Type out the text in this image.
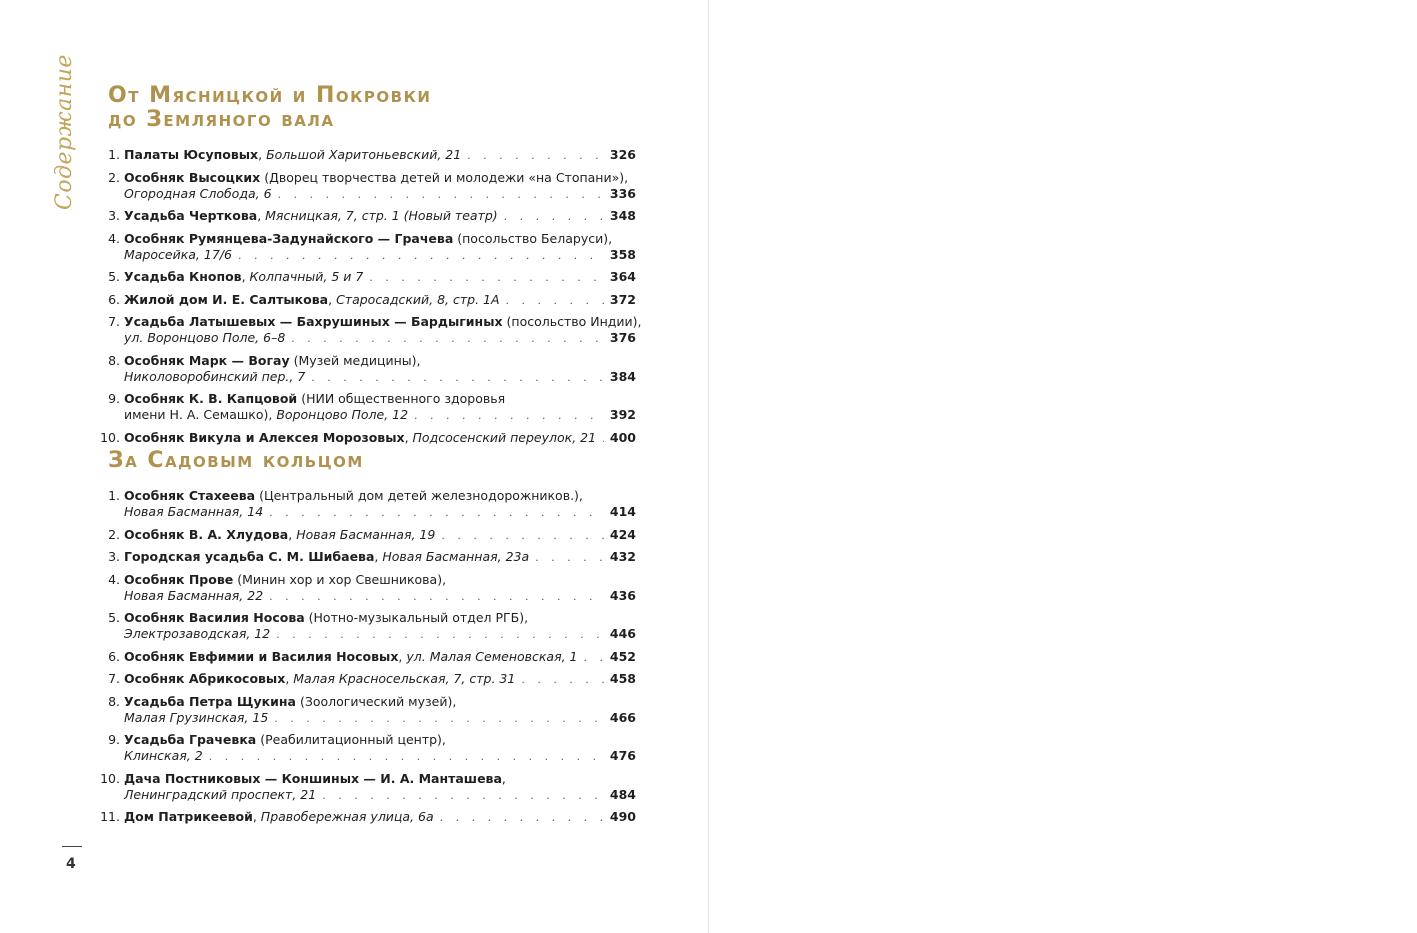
Содержание От Мясницкой и Покровки
до Земляного вала
1. Палаты Юсуповых, Большой Харитоньевский, 21 . . .	326
2. Особняк Высоцких (Дворец творчества детей и молодежи «на Стопани»),
Огородная Слобода, 6 . . .	336
3. Усадьба Черткова, Мясницкая, 7, стр. 1 (Новый театр) . . .	348
4. Особняк Румянцева-Задунайского — Грачева (посольство Беларуси),
Маросейка, 17/6 . . .	358
5. Усадьба Кнопов, Колпачный, 5 и 7 . . .	364
6. Жилой дом И. Е. Салтыкова, Старосадский, 8, стр. 1А . . .	372
7. Усадьба Латышевых — Бахрушиных — Бардыгиных (посольство Индии),
ул. Воронцово Поле, 6–8 . . .	376
8. Особняк Марк — Вогау (Музей медицины),
Николоворобинский пер., 7 . . .	384
9. Особняк К. В. Капцовой (НИИ общественного здоровья
имени Н. А. Семашко), Воронцово Поле, 12 . . .	392
10. Особняк Викула и Алексея Морозовых, Подсосенский переулок, 21 . . . 400
За Садовым кольцом
1. Особняк Стахеева (Центральный дом детей железнодорожников.),
Новая Басманная, 14 . . .	414
2. Особняк В. А. Хлудова, Новая Басманная, 19 . . .	424
3. Городская усадьба С. М. Шибаева, Новая Басманная, 23а . . .	432
4. Особняк Прове (Минин хор и хор Свешникова),
Новая Басманная, 22 . . .	436
5. Особняк Василия Носова (Нотно-музыкальный отдел РГБ),
Электрозаводская, 12 . . .	446
6. Особняк Евфимии и Василия Носовых, ул. Малая Семеновская, 1 . . .	452
7. Особняк Абрикосовых, Малая Красносельская, 7, стр. 31 . . .	458
8. Усадьба Петра Щукина (Зоологический музей),
Малая Грузинская, 15 . . .	466
9. Усадьба Грачевка (Реабилитационный центр),
Клинская, 2 . . .	476
10. Дача Постниковых — Коншиных — И. А. Манташева,
Ленинградский проспект, 21 . . .	484
11. Дом Патрикеевой, Правобережная улица, 6а . . .	490
4
